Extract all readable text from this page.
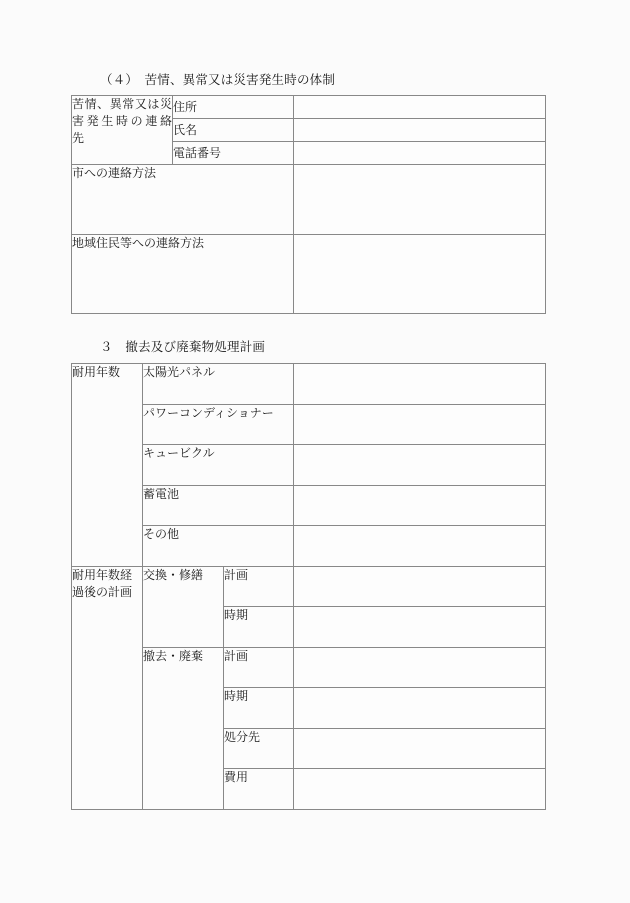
（４）　苦情、異常又は災害発生時の体制
苦情、異常又は災
害発生時の連絡
先	住所	
	氏名	
	電話番号	
市への連絡方法		
地域住民等への連絡方法		
３　撤去及び廃棄物処理計画
耐用年数	太陽光パネル		
	パワーコンディショナー		
	キュービクル		
	蓄電池		
	その他		

耐用年数経
過後の計画	交換・修繕	計画	
		時期	
	撤去・廃棄	計画	
		時期	
		処分先	
		費用	
